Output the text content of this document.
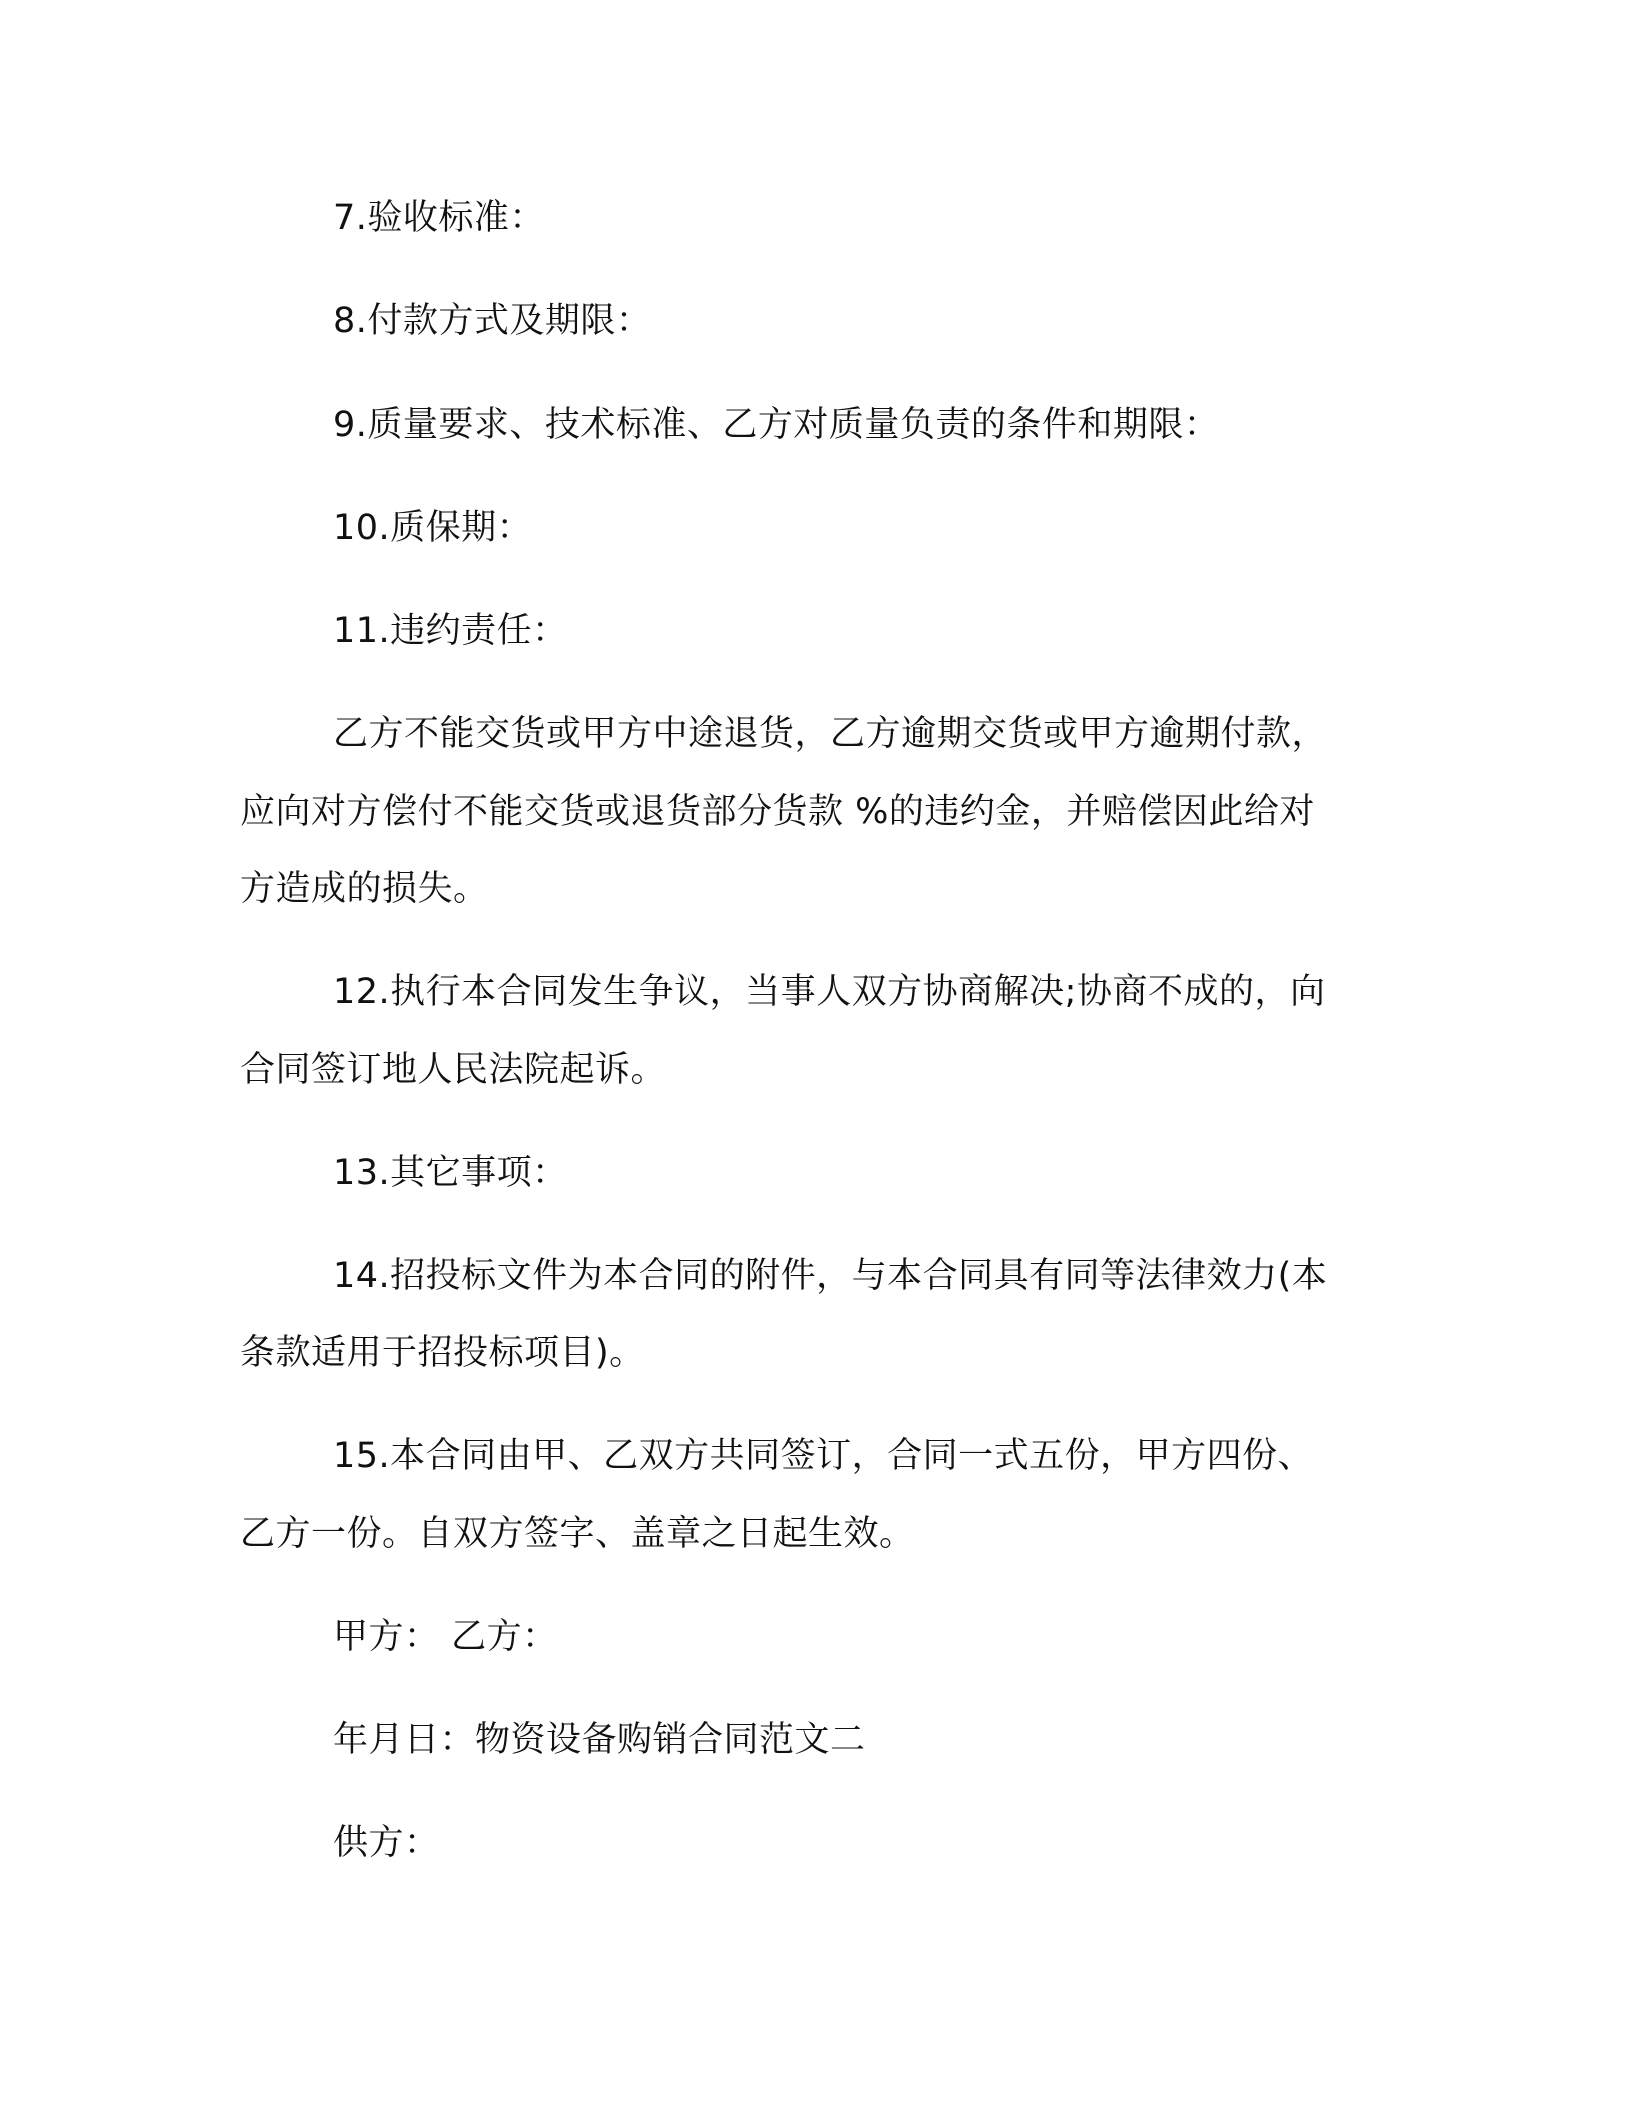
7.验收标准：
8.付款方式及期限：
9.质量要求、技术标准、乙方对质量负责的条件和期限：
10.质保期：
11.违约责任：
乙方不能交货或甲方中途退货，乙方逾期交货或甲方逾期付款，
应向对方偿付不能交货或退货部分货款 %的违约金，并赔偿因此给对
方造成的损失。
12.执行本合同发生争议，当事人双方协商解决;协商不成的，向
合同签订地人民法院起诉。
13.其它事项：
14.招投标文件为本合同的附件，与本合同具有同等法律效力(本
条款适用于招投标项目)。
15.本合同由甲、乙双方共同签订，合同一式五份，甲方四份、
乙方一份。自双方签字、盖章之日起生效。
甲方： 乙方：
年月日：物资设备购销合同范文二
供方：
